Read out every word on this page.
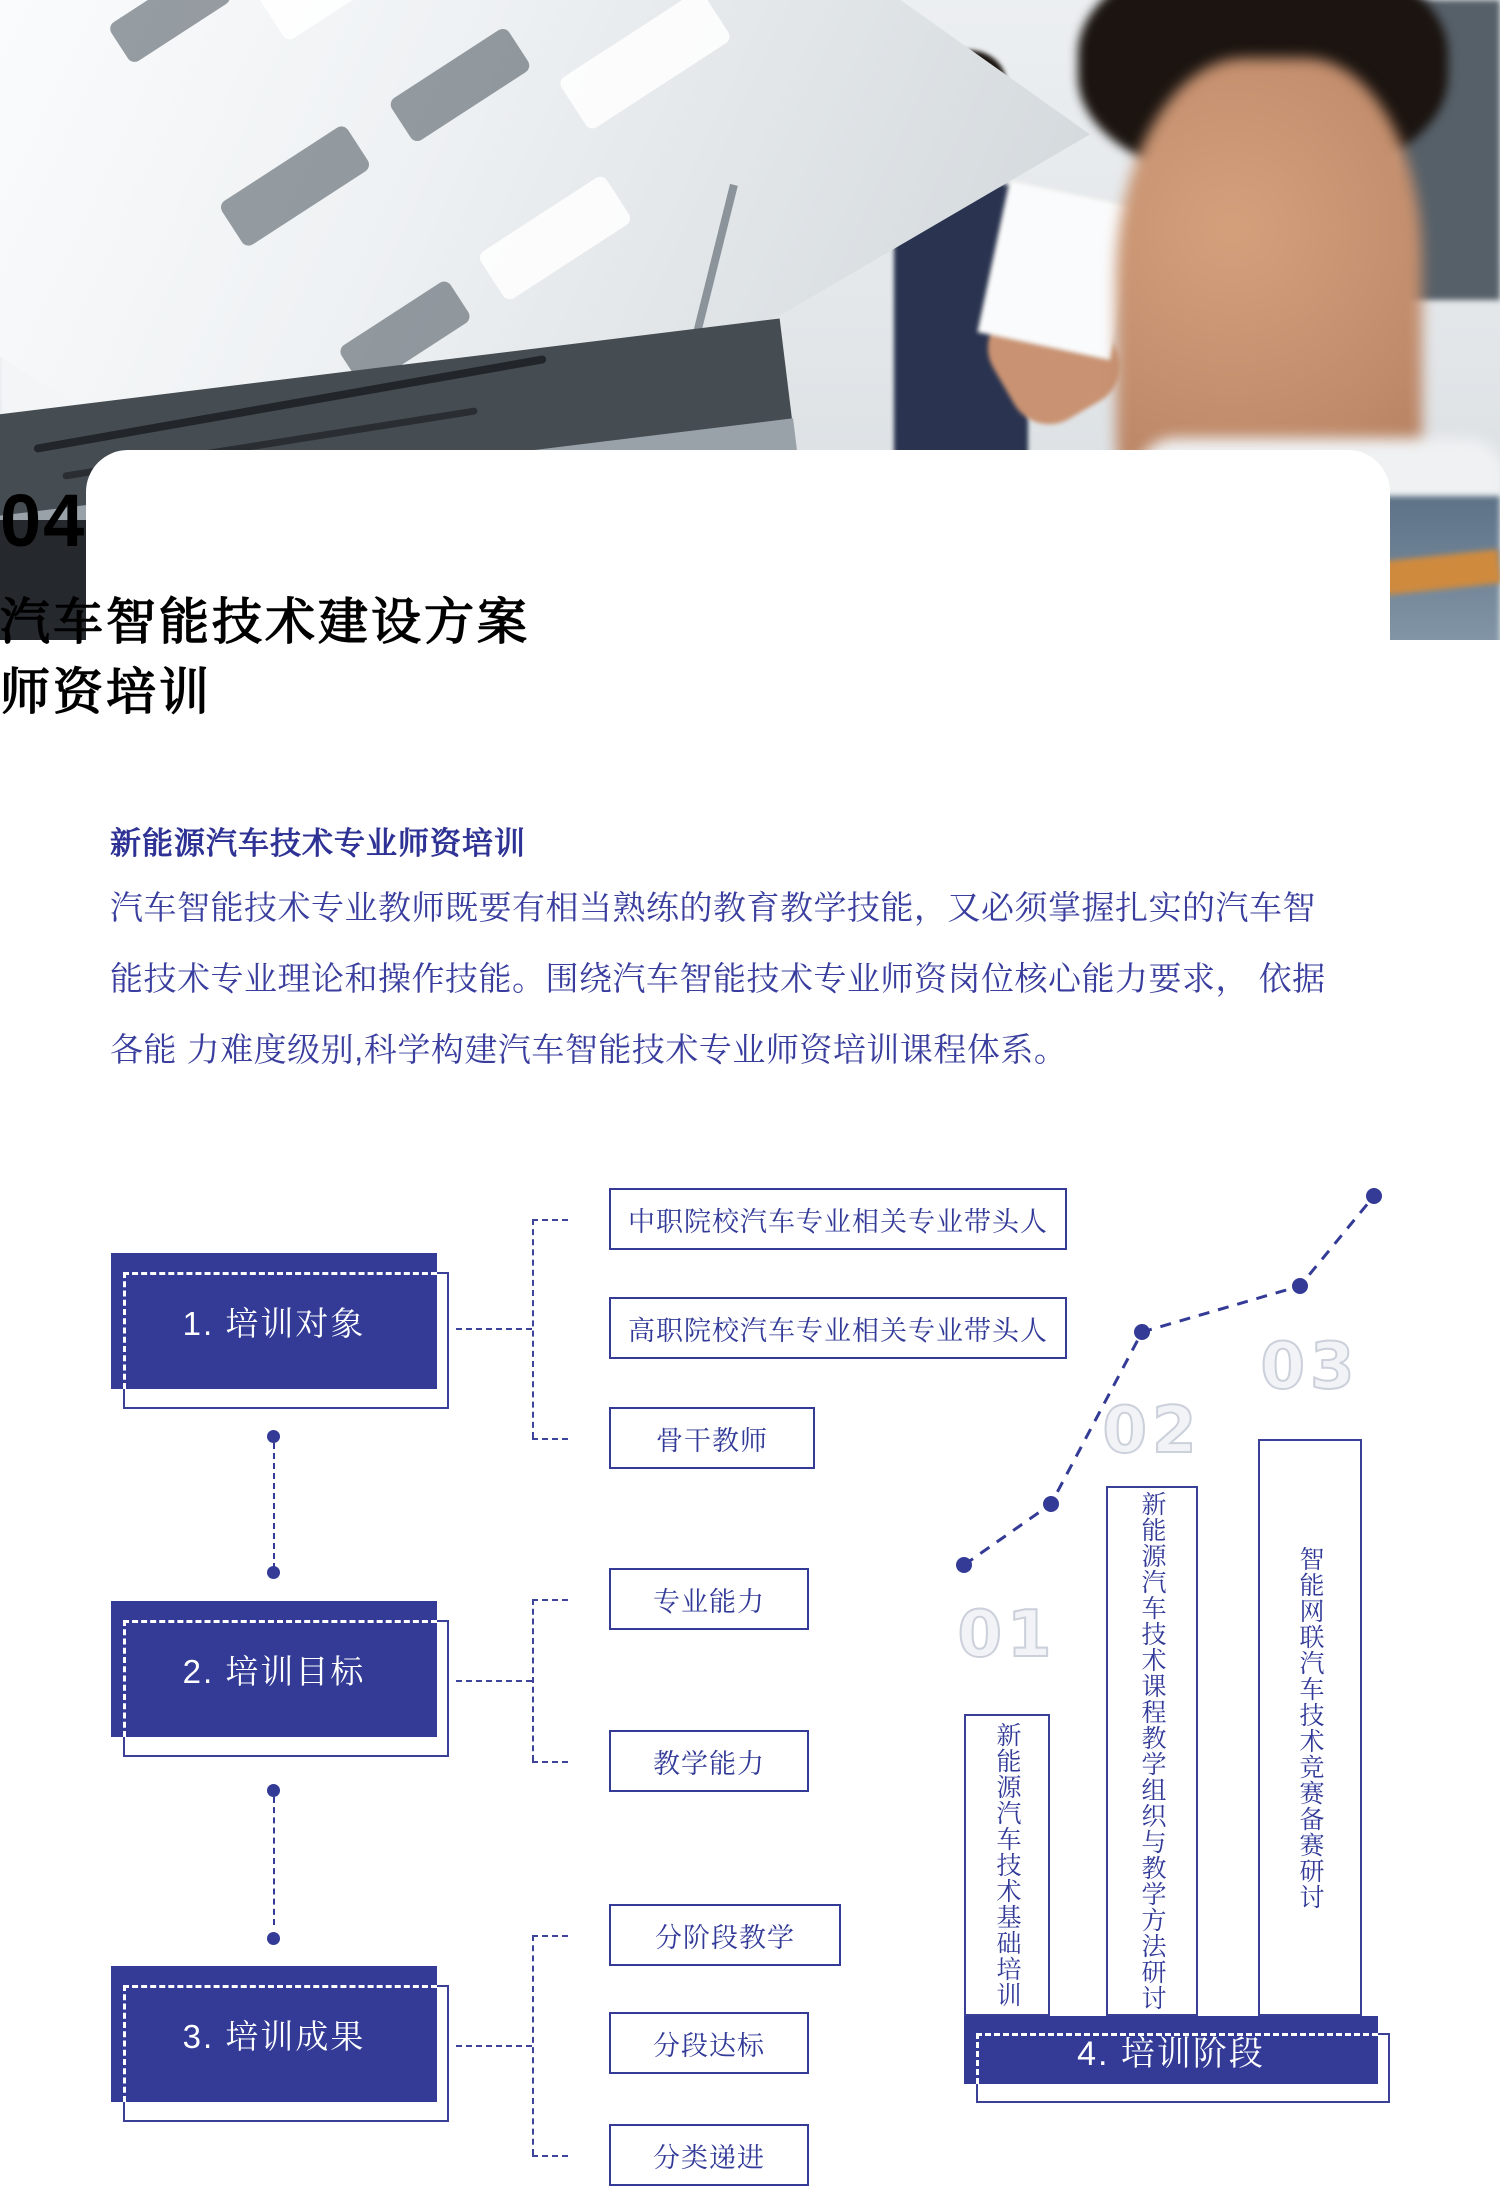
04
汽车智能技术建设方案
师资培训
新能源汽车技术专业师资培训
汽车智能技术专业教师既要有相当熟练的教育教学技能，又必须掌握扎实的汽车智
能技术专业理论和操作技能。围绕汽车智能技术专业师资岗位核心能力要求， 依据
各能 力难度级别,科学构建汽车智能技术专业师资培训课程体系。
1. 培训对象
中职院校汽车专业相关专业带头人
高职院校汽车专业相关专业带头人
骨干教师
2. 培训目标
专业能力
教学能力
3. 培训成果
分阶段教学
分段达标
分类递进
01
02
03
新能源汽车技术基础培训	新能源汽车技术课程教学组织与教学方法研讨	智能网联汽车技术竞赛备赛研讨
4. 培训阶段
